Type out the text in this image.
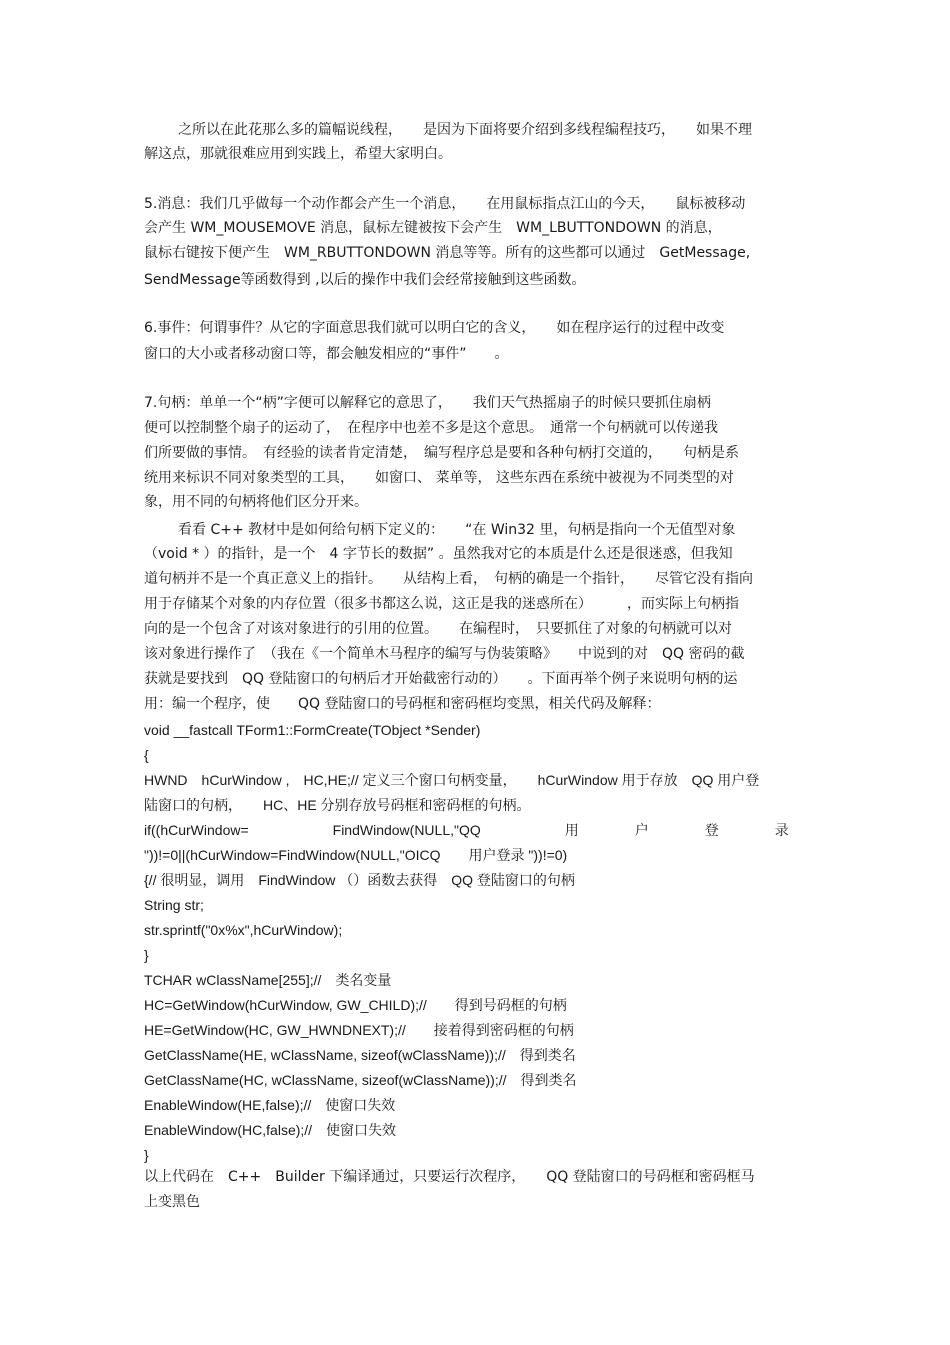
之所以在此花那么多的篇幅说线程，　　是因为下面将要介绍到多线程编程技巧，　　如果不理
解这点，那就很难应用到实践上，希望大家明白。
5.消息：我们几乎做每一个动作都会产生一个消息，　　在用鼠标指点江山的今天，　　鼠标被移动
会产生 WM_MOUSEMOVE 消息，鼠标左键被按下会产生　WM_LBUTTONDOWN 的消息，
鼠标右键按下便产生　WM_RBUTTONDOWN 消息等等。所有的这些都可以通过　GetMessage,
SendMessage等函数得到 ,以后的操作中我们会经常接触到这些函数。
6.事件：何谓事件？从它的字面意思我们就可以明白它的含义，　　如在程序运行的过程中改变
窗口的大小或者移动窗口等，都会触发相应的“事件”　　。
7.句柄：单单一个“柄”字便可以解释它的意思了，　　我们天气热摇扇子的时候只要抓住扇柄
便可以控制整个扇子的运动了，　在程序中也差不多是这个意思。　通常一个句柄就可以传递我
们所要做的事情。　有经验的读者肯定清楚，　编写程序总是要和各种句柄打交道的，　　句柄是系
统用来标识不同对象类型的工具，　　如窗口、 菜单等， 这些东西在系统中被视为不同类型的对
象，用不同的句柄将他们区分开来。
看看 C++ 教材中是如何给句柄下定义的：　　“在 Win32 里，句柄是指向一个无值型对象
（void * ）的指针，是一个　4 字节长的数据” 。虽然我对它的本质是什么还是很迷惑，但我知
道句柄并不是一个真正意义上的指针。　　从结构上看，　句柄的确是一个指针，　　尽管它没有指向
用于存储某个对象的内存位置（很多书都这么说，这正是我的迷惑所在）　　　，而实际上句柄指
向的是一个包含了对该对象进行的引用的位置。　　在编程时，　只要抓住了对象的句柄就可以对
该对象进行操作了　（我在《一个简单木马程序的编写与伪装策略》　　中说到的对　QQ 密码的截
获就是要找到　QQ 登陆窗口的句柄后才开始截密行动的）　　。下面再举个例子来说明句柄的运
用：编一个程序，使　　QQ 登陆窗口的号码框和密码框均变黑，相关代码及解释：
void __fastcall TForm1::FormCreate(TObject *Sender)
{
HWND　hCurWindow ,　HC,HE;// 定义三个窗口句柄变量，　　hCurWindow 用于存放　QQ 用户登
陆窗口的句柄，　　HC、HE 分别存放号码框和密码框的句柄。
if((hCurWindow=　　　　　　FindWindow(NULL,"QQ　　　　　　用　　　　户　　　　登　　　　录
"))!=0||(hCurWindow=FindWindow(NULL,"OICQ　　用户登录 "))!=0)
{// 很明显，调用　FindWindow （）函数去获得　QQ 登陆窗口的句柄
String str;
str.sprintf("0x%x",hCurWindow);
}
TCHAR wClassName[255];//　类名变量
HC=GetWindow(hCurWindow, GW_CHILD);//　　得到号码框的句柄
HE=GetWindow(HC, GW_HWNDNEXT);//　　接着得到密码框的句柄
GetClassName(HE, wClassName, sizeof(wClassName));//　得到类名
GetClassName(HC, wClassName, sizeof(wClassName));//　得到类名
EnableWindow(HE,false);//　使窗口失效
EnableWindow(HC,false);//　使窗口失效
}
以上代码在　C++　Builder 下编译通过，只要运行次程序，　　QQ 登陆窗口的号码框和密码框马
上变黑色
